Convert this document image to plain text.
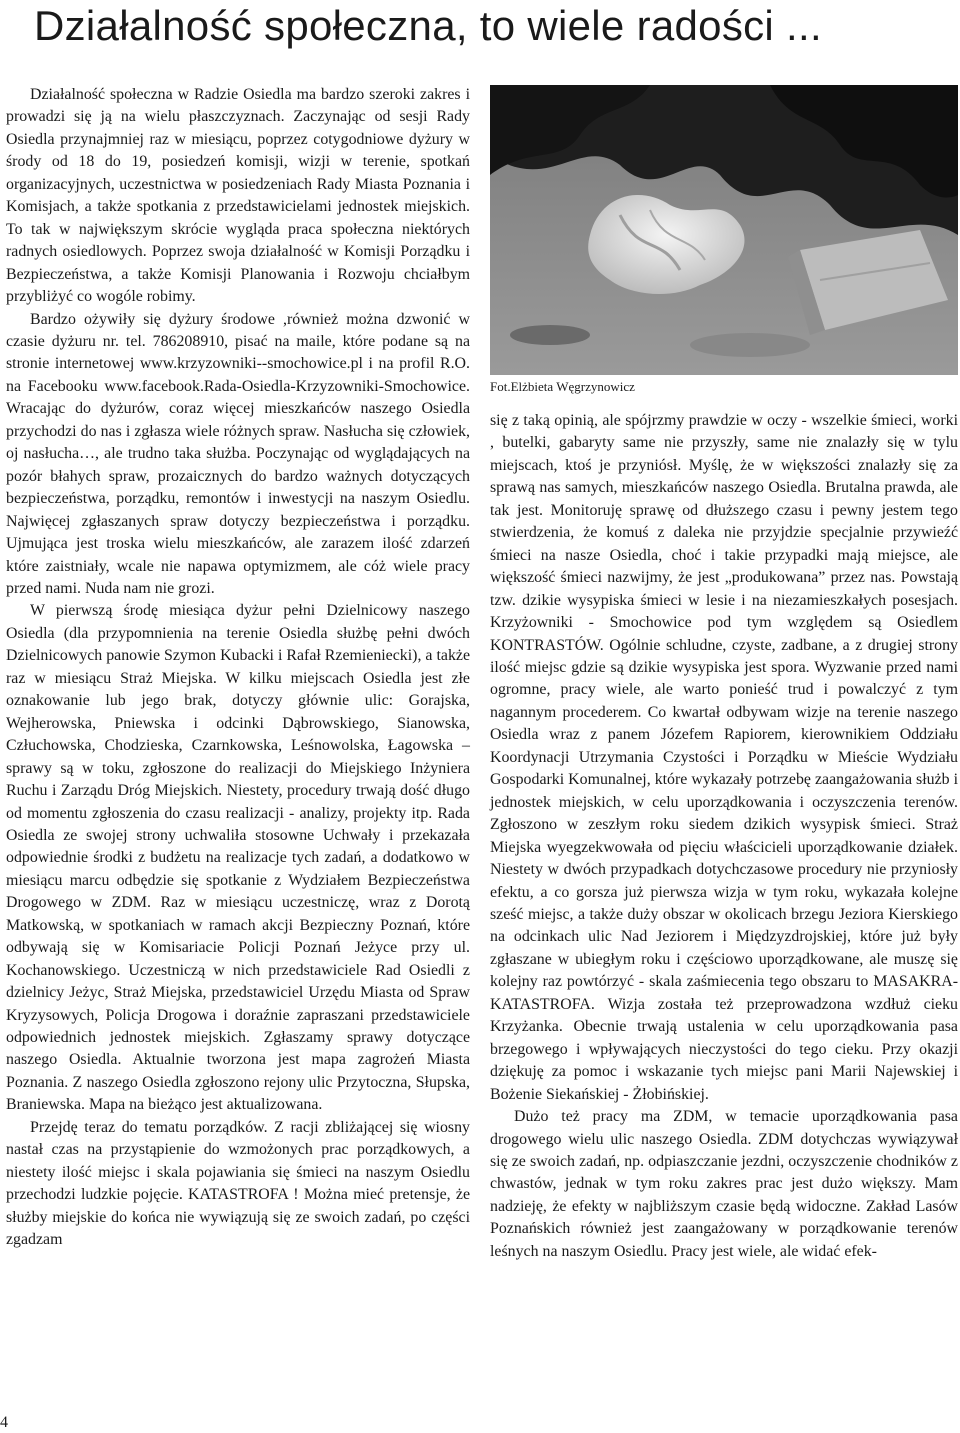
Działalność społeczna, to wiele radości ...

Działalność społeczna w Radzie Osiedla ma bardzo szeroki zakres i prowadzi się ją na wielu płaszczyznach. Zaczynając od sesji Rady Osiedla przynajmniej raz w miesiącu, poprzez cotygodniowe dyżury w środy od 18 do 19, posiedzeń komisji, wizji w terenie, spotkań organizacyjnych, uczestnictwa w posiedzeniach Rady Miasta Poznania i Komisjach, a także spotkania z przedstawicielami jednostek miejskich. To tak w największym skrócie wygląda praca społeczna niektórych radnych osiedlowych. Poprzez swoja działalność w Komisji Porządku i Bezpieczeństwa, a także Komisji Planowania i Rozwoju chciałbym przybliżyć co wogóle robimy.

Bardzo ożywiły się dyżury środowe ,również można dzwonić w czasie dyżuru nr. tel. 786208910, pisać na maile, które podane są na stronie internetowej www.krzyzowniki--smochowice.pl i na profil R.O. na Facebooku www.facebook.Rada-Osiedla-Krzyzowniki-Smochowice. Wracając do dyżurów, coraz więcej mieszkańców naszego Osiedla przychodzi do nas i zgłasza wiele różnych spraw. Nasłucha się człowiek, oj nasłucha…, ale trudno taka służba. Poczynając od wyglądających na pozór błahych spraw, prozaicznych do bardzo ważnych dotyczących bezpieczeństwa, porządku, remontów i inwestycji na naszym Osiedlu. Najwięcej zgłaszanych spraw dotyczy bezpieczeństwa i porządku. Ujmująca jest troska wielu mieszkańców, ale zarazem ilość zdarzeń które zaistniały, wcale nie napawa optymizmem, ale cóż wiele pracy przed nami. Nuda nam nie grozi.

W pierwszą środę miesiąca dyżur pełni Dzielnicowy naszego Osiedla (dla przypomnienia na terenie Osiedla służbę pełni dwóch Dzielnicowych panowie Szymon Kubacki i Rafał Rzemieniecki), a także raz w miesiącu Straż Miejska. W kilku miejscach Osiedla jest złe oznakowanie lub jego brak, dotyczy głównie ulic: Gorajska, Wejherowska, Pniewska i odcinki Dąbrowskiego, Sianowska, Człuchowska, Chodzieska, Czarnkowska, Leśnowolska, Łagowska – sprawy są w toku, zgłoszone do realizacji do Miejskiego Inżyniera Ruchu i Zarządu Dróg Miejskich. Niestety, procedury trwają dość długo od momentu zgłoszenia do czasu realizacji - analizy, projekty itp. Rada Osiedla ze swojej strony uchwaliła stosowne Uchwały i przekazała odpowiednie środki z budżetu na realizacje tych zadań, a dodatkowo w miesiącu marcu odbędzie się spotkanie z Wydziałem Bezpieczeństwa Drogowego w ZDM. Raz w miesiącu uczestniczę, wraz z Dorotą Matkowską, w spotkaniach w ramach akcji Bezpieczny Poznań, które odbywają się w Komisariacie Policji Poznań Jeżyce przy ul. Kochanowskiego. Uczestniczą w nich przedstawiciele Rad Osiedli z dzielnicy Jeżyc, Straż Miejska, przedstawiciel Urzędu Miasta od Spraw Kryzysowych, Policja Drogowa i doraźnie zapraszani przedstawiciele odpowiednich jednostek miejskich. Zgłaszamy sprawy dotyczące naszego Osiedla. Aktualnie tworzona jest mapa zagrożeń Miasta Poznania. Z naszego Osiedla zgłoszono rejony ulic Przytoczna, Słupska, Braniewska. Mapa na bieżąco jest aktualizowana.

Przejdę teraz do tematu porządków. Z racji zbliżającej się wiosny nastał czas na przystąpienie do wzmożonych prac porządkowych, a niestety ilość miejsc i skala pojawiania się śmieci na naszym Osiedlu przechodzi ludzkie pojęcie. KATASTROFA ! Można mieć pretensje, że służby miejskie do końca nie wywiązują się ze swoich zadań, po części zgadzam

Fot.Elżbieta Węgrzynowicz

się z taką opinią, ale spójrzmy prawdzie w oczy - wszelkie śmieci, worki , butelki, gabaryty same nie przyszły, same nie znalazły się w tylu miejscach, ktoś je przyniósł. Myślę, że w większości znalazły się za sprawą nas samych, mieszkańców naszego Osiedla. Brutalna prawda, ale tak jest. Monitoruję sprawę od dłuższego czasu i pewny jestem tego stwierdzenia, że komuś z daleka nie przyjdzie specjalnie przywieźć śmieci na nasze Osiedla, choć i takie przypadki mają miejsce, ale większość śmieci nazwijmy, że jest „produkowana” przez nas. Powstają tzw. dzikie wysypiska śmieci w lesie i na niezamieszkałych posesjach. Krzyżowniki - Smochowice pod tym względem są Osiedlem KONTRASTÓW. Ogólnie schludne, czyste, zadbane, a z drugiej strony ilość miejsc gdzie są dzikie wysypiska jest spora. Wyzwanie przed nami ogromne, pracy wiele, ale warto ponieść trud i powalczyć z tym nagannym procederem. Co kwartał odbywam wizje na terenie naszego Osiedla wraz z panem Józefem Rapiorem, kierownikiem Oddziału Koordynacji Utrzymania Czystości i Porządku w Mieście Wydziału Gospodarki Komunalnej, które wykazały potrzebę zaangażowania służb i jednostek miejskich, w celu uporządkowania i oczyszczenia terenów. Zgłoszono w zeszłym roku siedem dzikich wysypisk śmieci. Straż Miejska wyegzekwowała od pięciu właścicieli uporządkowanie działek. Niestety w dwóch przypadkach dotychczasowe procedury nie przyniosły efektu, a co gorsza już pierwsza wizja w tym roku, wykazała kolejne sześć miejsc, a także duży obszar w okolicach brzegu Jeziora Kierskiego na odcinkach ulic Nad Jeziorem i Międzyzdrojskiej, które już były zgłaszane w ubiegłym roku i częściowo uporządkowane, ale muszę się kolejny raz powtórzyć - skala zaśmiecenia tego obszaru to MASAKRA-KATASTROFA. Wizja została też przeprowadzona wzdłuż cieku Krzyżanka. Obecnie trwają ustalenia w celu uporządkowania pasa brzegowego i wpływających nieczystości do tego cieku. Przy okazji dziękuję za pomoc i wskazanie tych miejsc pani Marii Najewskiej i Bożenie Siekańskiej - Żłobińskiej.

Dużo też pracy ma ZDM, w temacie uporządkowania pasa drogowego wielu ulic naszego Osiedla. ZDM dotychczas wywiązywał się ze swoich zadań, np. odpiaszczanie jezdni, oczyszczenie chodników z chwastów, jednak w tym roku zakres prac jest dużo większy. Mam nadzieję, że efekty w najbliższym czasie będą widoczne. Zakład Lasów Poznańskich również jest zaangażowany w porządkowanie terenów leśnych na naszym Osiedlu. Pracy jest wiele, ale widać efek-

4
